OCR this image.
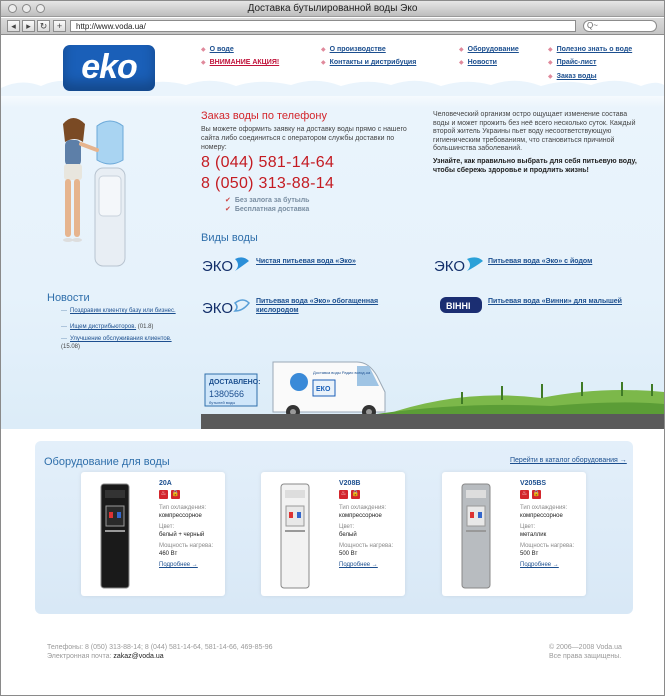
Доставка бутылированной воды Эко
◂	▸ ↻	+	http://www.voda.ua/	Q~
eko	◆ О воде
◆ ВНИМАНИЕ АКЦИЯ!
◆ О производстве
◆ Контакты и дистрибуция
◆ Оборудование
◆ Новости
◆ Полезно знать о воде
◆ Прайс-лист
◆ Заказ воды
Заказ воды по телефону
Вы можете оформить заявку на доставку воды прямо с нашего сайта либо соединиться с оператором службы доставки по номеру:
8 (044) 581-14-64
8 (050) 313-88-14
✔ Без залога за бутыль
✔ Бесплатная доставка
Человеческий организм остро ощущает изменение состава воды и может прожить без неё всего несколько суток. Каждый второй житель Украины пьет воду несоответствующую гигиеническим требованиям, что становиться причиной большинства заболеваний.
Узнайте, как правильно выбрать для себя питьевую воду, чтобы сбережь здоровье и продлить жизнь!
Виды воды
ЭКО	Чистая питьевая вода «Эко»	ЭКО	Питьевая вода «Эко» с йодом
ЭКО	Питьевая вода «Эко» обогащенная кислородом	ВІННІ	Питьевая вода «Винни» для малышей
Новости
— Поздравим клиентку базу или бизнес.
— Ищем дистрибьюторов. (01.8)
— Улучшение обслуживания клиентов. (15.08)
ДОСТАВЛЕНО:
1380566
бутылей воды
Доставка воды Радио вогод.ua
ЕКО
Оборудование для воды	Перейти в каталог оборудования →
20A
♨ 🔒
Тип охлаждения:
компрессорное
Цвет:
белый + черный
Мощность нагрева:
460 Вт
Подробнее →
V208B
♨ 🔒
Тип охлаждения:
компрессорное
Цвет:
белый
Мощность нагрева:
500 Вт
Подробнее →
V205BS
♨ 🔒
Тип охлаждения:
компрессорное
Цвет:
металлик
Мощность нагрева:
500 Вт
Подробнее →
Телефоны: 8 (050) 313-88-14; 8 (044) 581-14-64, 581-14-66, 469-85-96
Электронная почта: zakaz@voda.ua
© 2006—2008 Voda.ua
Все права защищены.
